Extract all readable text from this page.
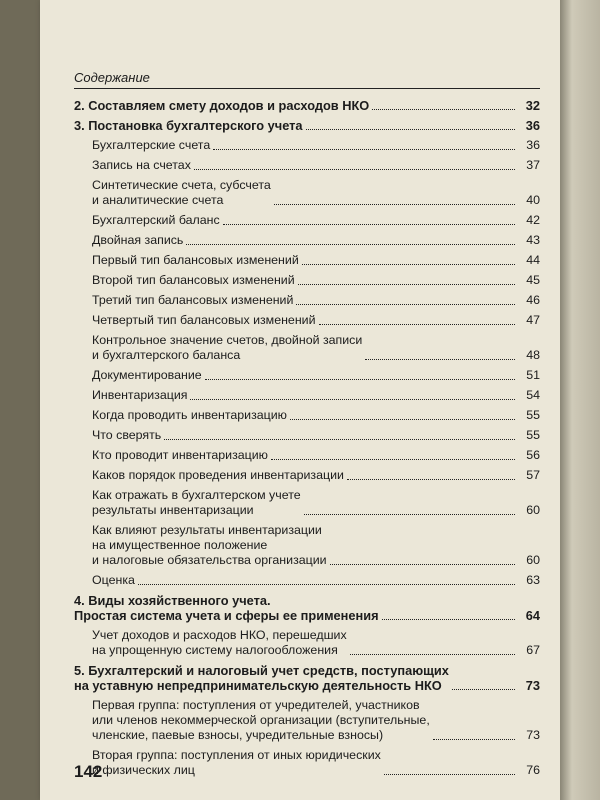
Содержание
2. Составляем смету доходов и расходов НКО	32
3. Постановка бухгалтерского учета	36
Бухгалтерские счета	36
Запись на счетах	37
Синтетические счета, субсчета
и аналитические счета	40
Бухгалтерский баланс	42
Двойная запись	43
Первый тип балансовых изменений	44
Второй тип балансовых изменений	45
Третий тип балансовых изменений	46
Четвертый тип балансовых изменений	47
Контрольное значение счетов, двойной записи
и бухгалтерского баланса	48
Документирование	51
Инвентаризация	54
Когда проводить инвентаризацию	55
Что сверять	55
Кто проводит инвентаризацию	56
Каков порядок проведения инвентаризации	57
Как отражать в бухгалтерском учете
результаты инвентаризации	60
Как влияют результаты инвентаризации
на имущественное положение
и налоговые обязательства организации	60
Оценка	63
4. Виды хозяйственного учета.
Простая система учета и сферы ее применения	64
Учет доходов и расходов НКО, перешедших
на упрощенную систему налогообложения	67
5. Бухгалтерский и налоговый учет средств, поступающих
на уставную непредпринимательскую деятельность НКО	73
Первая группа: поступления от учредителей, участников
или членов некоммерческой организации (вступительные,
членские, паевые взносы, учредительные взносы)	73
Вторая группа: поступления от иных юридических
и физических лиц	76
142
